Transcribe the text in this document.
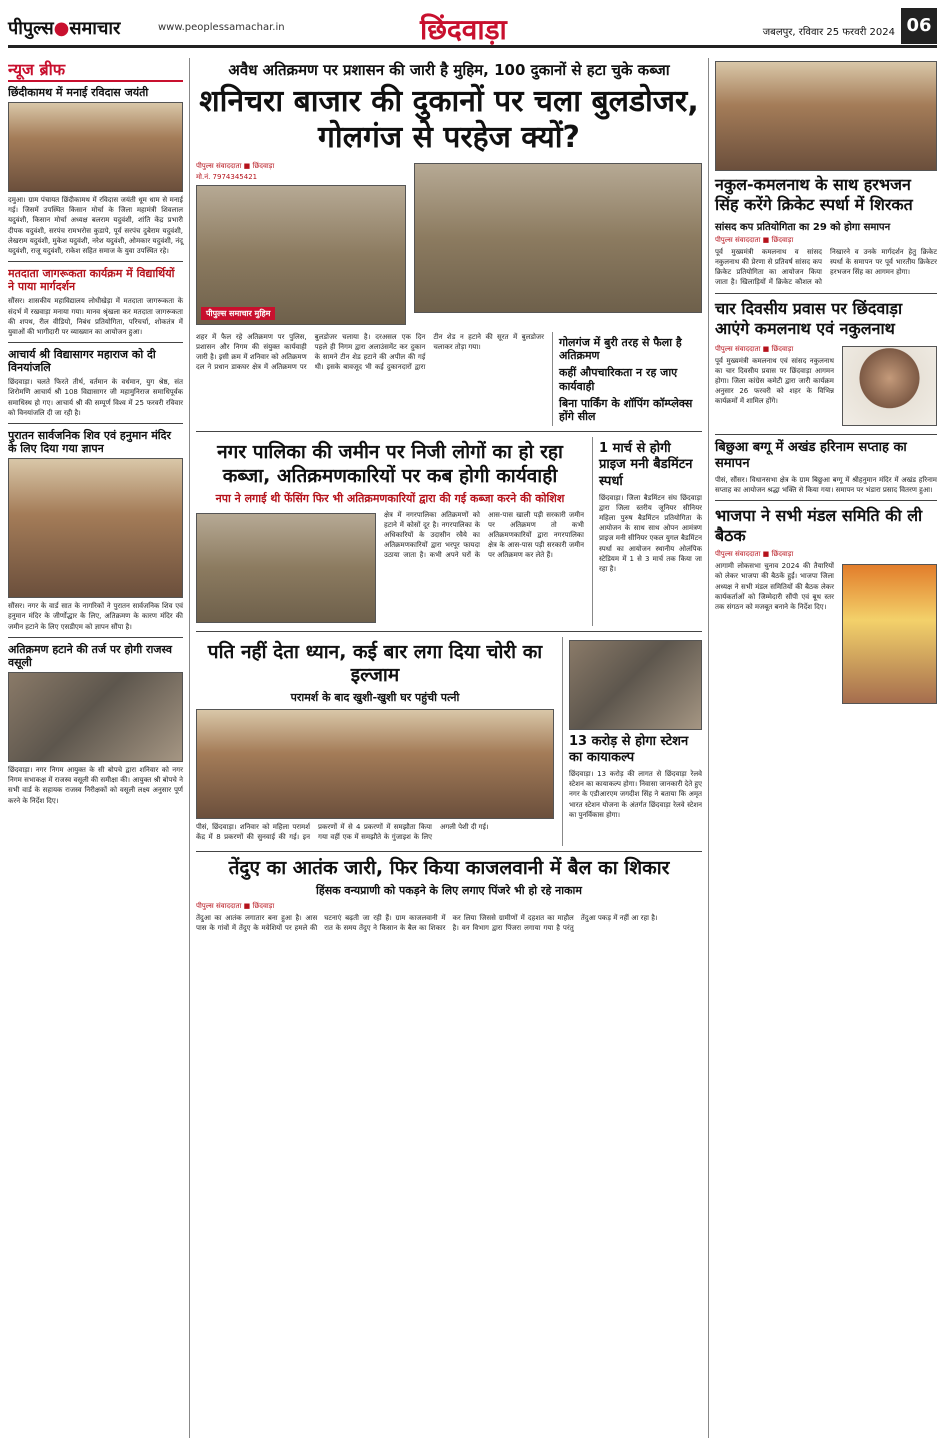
पीपुल्स●समाचार	www.peoplessamachar.in	छिंदवाड़ा	जबलपुर, रविवार 25 फरवरी 2024 06
न्यूज ब्रीफ
छिंदीकामथ में मनाई रविदास जयंती
दमुआ। ग्राम पंचायत छिंदीकामथ में रविदास जयंती धूम धाम से मनाई गई। जिसमें उपस्थित किसान मोर्चा के जिला महामंत्री शिवलाल यदुवंशी, किसान मोर्चा अध्यक्ष बलराम यदुवंशी, शांति केंद्र प्रभारी दीपक यदुवंशी, सरपंच रामभरोस कुडापे, पूर्व सरपंच दुबेराम यदुवंशी, लेखराम यदुवंशी, मुकेश यदुवंशी, नरेश यदुवंशी, ओमकार यदुवंशी, नंदू यदुवंशी, राजू यदुवंशी, राकेश सहित समाज के युवा उपस्थित रहे।
मतदाता जागरूकता कार्यक्रम में विद्यार्थियों ने पाया मार्गदर्शन
सौंसर। शासकीय महाविद्यालय लोधीखेड़ा में मतदाता जागरूकता के संदर्भ में रखवाड़ा मनाया गया। मानव श्रृंखला कर मतदाता जागरूकता की शपथ, रील वीडियो, निबंध प्रतियोगिता, परिचर्चा, शोकतंत्र में युवाओं की भागीदारी पर व्याख्यान का आयोजन हुआ।
आचार्य श्री विद्यासागर महाराज को दी विनयांजलि
छिंदवाड़ा। चलते फिरते तीर्थ, वर्तमान के वर्धमान, युग श्रेष्ठ, संत शिरोमणि आचार्य श्री 108 विद्यासागर जी महामुनिराज समाधिपूर्वक समाधिस्थ हो गए। आचार्य श्री की सम्पूर्ण विश्व में 25 फरवरी रविवार को विनयांजलि दी जा रही है।
पुरातन सार्वजनिक शिव एवं हनुमान मंदिर के लिए दिया गया ज्ञापन
सौंसर। नगर के वार्ड सात के नागरिकों ने पुरातन सार्वजनिक शिव एवं हनुमान मंदिर के जीर्णोद्धार के लिए, अतिक्रमण के कारण मंदिर की जमीन हटाने के लिए एसडीएम को ज्ञापन सौंपा है।
अतिक्रमण हटाने की तर्ज पर होगी राजस्व वसूली
छिंदवाड़ा। नगर निगम आयुक्त के सी बोपचे द्वारा शनिवार को नगर निगम सभाकक्ष में राजस्व वसूली की समीक्षा की। आयुक्त श्री बोपचे ने सभी वार्ड के सहायक राजस्व निरीक्षकों को वसूली लक्ष्य अनुसार पूर्ण करने के निर्देश दिए।
अवैध अतिक्रमण पर प्रशासन की जारी है मुहिम, 100 दुकानों से हटा चुके कब्जा
शनिचरा बाजार की दुकानों पर चला बुलडोजर, गोलगंज से परहेज क्यों?
पीपुल्स संवाददाता ■ छिंदवाड़ा
मो.नं. 7974345421
पीपुल्स समाचार मुहिम
शहर में फैल रहे अतिक्रमण पर पुलिस, प्रशासन और निगम की संयुक्त कार्यवाही जारी है। इसी क्रम में शनिवार को अतिक्रमण दल ने प्रधान डाकघर क्षेत्र में अतिक्रमण पर बुलडोजर चलाया है। दरअसल एक दिन पहले ही निगम द्वारा अलाउंसमेंट कर दुकान के सामने टीन शेड हटाने की अपील की गई थी। इसके बावजूद भी कई दुकानदारों द्वारा टीन शेड न हटाने की सूरत में बुलडोजर चलाकर तोड़ा गया।	गोलगंज में बुरी तरह से फैला है अतिक्रमण
कहीं औपचारिकता न रह जाए कार्यवाही
बिना पार्किंग के शॉपिंग कॉम्प्लेक्स होंगे सील
नगर पालिका की जमीन पर निजी लोगों का हो रहा कब्जा, अतिक्रमणकारियों पर कब होगी कार्यवाही
नपा ने लगाई थी फेंसिंग फिर भी अतिक्रमणकारियों द्वारा की गई कब्जा करने की कोशिश
क्षेत्र में नगरपालिका अतिक्रमणों को हटाने में कोसों दूर है। नगरपालिका के अधिकारियों के उदासीन रवैये का अतिक्रमणकारियों द्वारा भरपूर फायदा उठाया जाता है। कभी अपने घरों के आस-पास खाली पड़ी सरकारी जमीन पर अतिक्रमण तो कभी अतिक्रमणकारियों द्वारा नगरपालिका क्षेत्र के आस-पास पड़ी सरकारी जमीन पर अतिक्रमण कर लेते हैं।
1 मार्च से होगी प्राइज मनी बैडमिंटन स्पर्धा
छिंदवाड़ा। जिला बैडमिंटन संघ छिंदवाड़ा द्वारा जिला स्तरीय जूनियर सीनियर महिला पुरुष बैडमिंटन प्रतियोगिता के आयोजन के साथ साथ ओपन आमंत्रण प्राइज मनी सीनियर एकल युगल बैडमिंटन स्पर्धा का आयोजन स्थानीय ओलंपिक स्टेडियम में 1 से 3 मार्च तक किया जा रहा है।
पति नहीं देता ध्यान, कई बार लगा दिया चोरी का इल्जाम
परामर्श के बाद खुशी-खुशी घर पहुंची पत्नी
पीसं, छिंदवाड़ा। शनिवार को महिला परामर्श केंद्र में 8 प्रकरणों की सुनवाई की गई। इन प्रकरणों में से 4 प्रकरणों में समझौता किया गया वहीं एक में समझौते के गुंजाइश के लिए अगली पेशी दी गई।
13 करोड़ से होगा स्टेशन का कायाकल्प
छिंदवाड़ा। 13 करोड़ की लागत से छिंदवाड़ा रेलवे स्टेशन का कायाकल्प होगा। निवासा जानकारी देते हुए नगर के एडीआरएम जगदीश सिंह ने बताया कि अमृत भारत स्टेशन योजना के अंतर्गत छिंदवाड़ा रेलवे स्टेशन का पुनर्विकास होगा।
तेंदुए का आतंक जारी, फिर किया काजलवानी में बैल का शिकार
हिंसक वन्यप्राणी को पकड़ने के लिए लगाए पिंजरे भी हो रहे नाकाम
पीपुल्स संवाददाता ■ छिंदवाड़ा
तेंदुआ का आतंक लगातार बना हुआ है। आस पास के गांवों में तेंदुए के मवेशियों पर हमले की घटनाएं बढ़ती जा रही हैं। ग्राम काजलवानी में रात के समय तेंदुए ने किसान के बैल का शिकार कर लिया जिससे ग्रामीणों में दहशत का माहौल है। वन विभाग द्वारा पिंजरा लगाया गया है परंतु तेंदुआ पकड़ में नहीं आ रहा है।
नकुल-कमलनाथ के साथ हरभजन सिंह करेंगे क्रिकेट स्पर्धा में शिरकत
सांसद कप प्रतियोगिता का 29 को होगा समापन
पीपुल्स संवाददाता ■ छिंदवाड़ा
पूर्व मुख्यमंत्री कमलनाथ व सांसद नकुलनाथ की प्रेरणा से प्रतिवर्ष सांसद कप क्रिकेट प्रतियोगिता का आयोजन किया जाता है। खिलाड़ियों में क्रिकेट कौशल को निखारने व उनके मार्गदर्शन हेतु क्रिकेट स्पर्धा के समापन पर पूर्व भारतीय क्रिकेटर हरभजन सिंह का आगमन होगा।
चार दिवसीय प्रवास पर छिंदवाड़ा आएंगे कमलनाथ एवं नकुलनाथ
पीपुल्स संवाददाता ■ छिंदवाड़ा
पूर्व मुख्यमंत्री कमलनाथ एवं सांसद नकुलनाथ का चार दिवसीय प्रवास पर छिंदवाड़ा आगमन होगा। जिला कांग्रेस कमेटी द्वारा जारी कार्यक्रम अनुसार 26 फरवरी को शहर के विभिन्न कार्यक्रमों में शामिल होंगे।
बिछुआ बग्गू में अखंड हरिनाम सप्ताह का समापन
पीसं, सौंसर। विधानसभा क्षेत्र के ग्राम बिछुआ बग्गू में श्रीहनुमान मंदिर में अखंड हरिनाम सप्ताह का आयोजन श्रद्धा भक्ति से किया गया। समापन पर भंडारा प्रसाद वितरण हुआ।
भाजपा ने सभी मंडल समिति की ली बैठक
पीपुल्स संवाददाता ■ छिंदवाड़ा
आगामी लोकसभा चुनाव 2024 की तैयारियों को लेकर भाजपा की बैठकें हुईं। भाजपा जिला अध्यक्ष ने सभी मंडल समितियों की बैठक लेकर कार्यकर्ताओं को जिम्मेदारी सौंपी एवं बूथ स्तर तक संगठन को मजबूत बनाने के निर्देश दिए।
